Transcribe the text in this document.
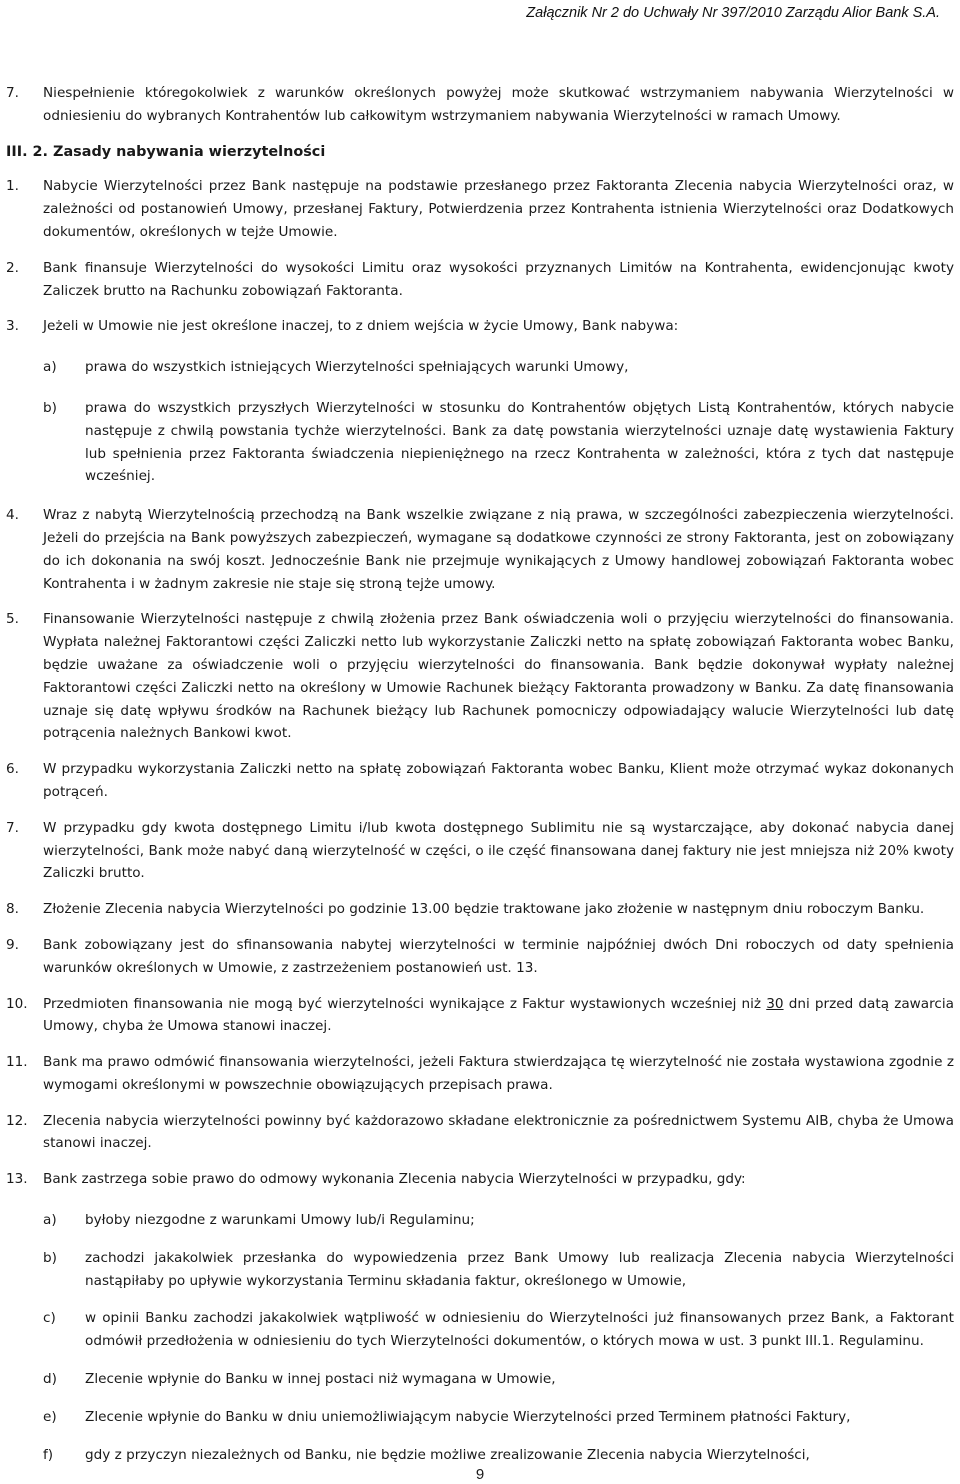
Załącznik Nr 2 do Uchwały Nr 397/2010 Zarządu Alior Bank S.A.
7.	Niespełnienie któregokolwiek z warunków określonych powyżej może skutkować wstrzymaniem nabywania Wierzytelności w odniesieniu do wybranych Kontrahentów lub całkowitym wstrzymaniem nabywania Wierzytelności w ramach Umowy.
III. 2. Zasady nabywania wierzytelności
1.	Nabycie Wierzytelności przez Bank następuje na podstawie przesłanego przez Faktoranta Zlecenia nabycia Wierzytelności oraz, w zależności od postanowień Umowy, przesłanej Faktury, Potwierdzenia przez Kontrahenta istnienia Wierzytelności oraz Dodatkowych dokumentów, określonych w tejże Umowie.
2.	Bank finansuje Wierzytelności do wysokości Limitu oraz wysokości przyznanych Limitów na Kontrahenta, ewidencjonując kwoty Zaliczek brutto na Rachunku zobowiązań Faktoranta.
3.	Jeżeli w Umowie nie jest określone inaczej, to z dniem wejścia w życie Umowy, Bank nabywa:
a)	prawa do wszystkich istniejących Wierzytelności spełniających warunki Umowy,
b)	prawa do wszystkich przyszłych Wierzytelności w stosunku do Kontrahentów objętych Listą Kontrahentów, których nabycie następuje z chwilą powstania tychże wierzytelności. Bank za datę powstania wierzytelności uznaje datę wystawienia Faktury lub spełnienia przez Faktoranta świadczenia niepieniężnego na rzecz Kontrahenta w zależności, która z tych dat następuje wcześniej.
4.	Wraz z nabytą Wierzytelnością przechodzą na Bank wszelkie związane z nią prawa, w szczególności zabezpieczenia wierzytelności. Jeżeli do przejścia na Bank powyższych zabezpieczeń, wymagane są dodatkowe czynności ze strony Faktoranta, jest on zobowiązany do ich dokonania na swój koszt. Jednocześnie Bank nie przejmuje wynikających z Umowy handlowej zobowiązań Faktoranta wobec Kontrahenta i w żadnym zakresie nie staje się stroną tejże umowy.
5.	Finansowanie Wierzytelności następuje z chwilą złożenia przez Bank oświadczenia woli o przyjęciu wierzytelności do finansowania. Wypłata należnej Faktorantowi części Zaliczki netto lub wykorzystanie Zaliczki netto na spłatę zobowiązań Faktoranta wobec Banku, będzie uważane za oświadczenie woli o przyjęciu wierzytelności do finansowania. Bank będzie dokonywał wypłaty należnej Faktorantowi części Zaliczki netto na określony w Umowie Rachunek bieżący Faktoranta prowadzony w Banku. Za datę finansowania uznaje się datę wpływu środków na Rachunek bieżący lub Rachunek pomocniczy odpowiadający walucie Wierzytelności lub datę potrącenia należnych Bankowi kwot.
6.	W przypadku wykorzystania Zaliczki netto na spłatę zobowiązań Faktoranta wobec Banku, Klient może otrzymać wykaz dokonanych potrąceń.
7.	W przypadku gdy kwota dostępnego Limitu i/lub kwota dostępnego Sublimitu nie są wystarczające, aby dokonać nabycia danej wierzytelności, Bank może nabyć daną wierzytelność w części, o ile część finansowana danej faktury nie jest mniejsza niż 20% kwoty Zaliczki brutto.
8.	Złożenie Zlecenia nabycia Wierzytelności po godzinie 13.00 będzie traktowane jako złożenie w następnym dniu roboczym Banku.
9.	Bank zobowiązany jest do sfinansowania nabytej wierzytelności w terminie najpóźniej dwóch Dni roboczych od daty spełnienia warunków określonych w Umowie, z zastrzeżeniem postanowień ust. 13.
10.	Przedmioten finansowania nie mogą być wierzytelności wynikające z Faktur wystawionych wcześniej niż 30 dni przed datą zawarcia Umowy, chyba że Umowa stanowi inaczej.
11.	Bank ma prawo odmówić finansowania wierzytelności, jeżeli Faktura stwierdzająca tę wierzytelność nie została wystawiona zgodnie z wymogami określonymi w powszechnie obowiązujących przepisach prawa.
12.	Zlecenia nabycia wierzytelności powinny być każdorazowo składane elektronicznie za pośrednictwem Systemu AIB, chyba że Umowa stanowi inaczej.
13.	Bank zastrzega sobie prawo do odmowy wykonania Zlecenia nabycia Wierzytelności w przypadku, gdy:
a)	byłoby niezgodne z warunkami Umowy lub/i Regulaminu;
b)	zachodzi jakakolwiek przesłanka do wypowiedzenia przez Bank Umowy lub realizacja Zlecenia nabycia Wierzytelności nastąpiłaby po upływie wykorzystania Terminu składania faktur, określonego w Umowie,
c)	w opinii Banku zachodzi jakakolwiek wątpliwość w odniesieniu do Wierzytelności już finansowanych przez Bank, a Faktorant odmówił przedłożenia w odniesieniu do tych Wierzytelności dokumentów, o których mowa w ust. 3 punkt III.1. Regulaminu.
d)	Zlecenie wpłynie do Banku w innej postaci niż wymagana w Umowie,
e)	Zlecenie wpłynie do Banku w dniu uniemożliwiającym nabycie Wierzytelności przed Terminem płatności Faktury,
f)	gdy z przyczyn niezależnych od Banku, nie będzie możliwe zrealizowanie Zlecenia nabycia Wierzytelności,
9
